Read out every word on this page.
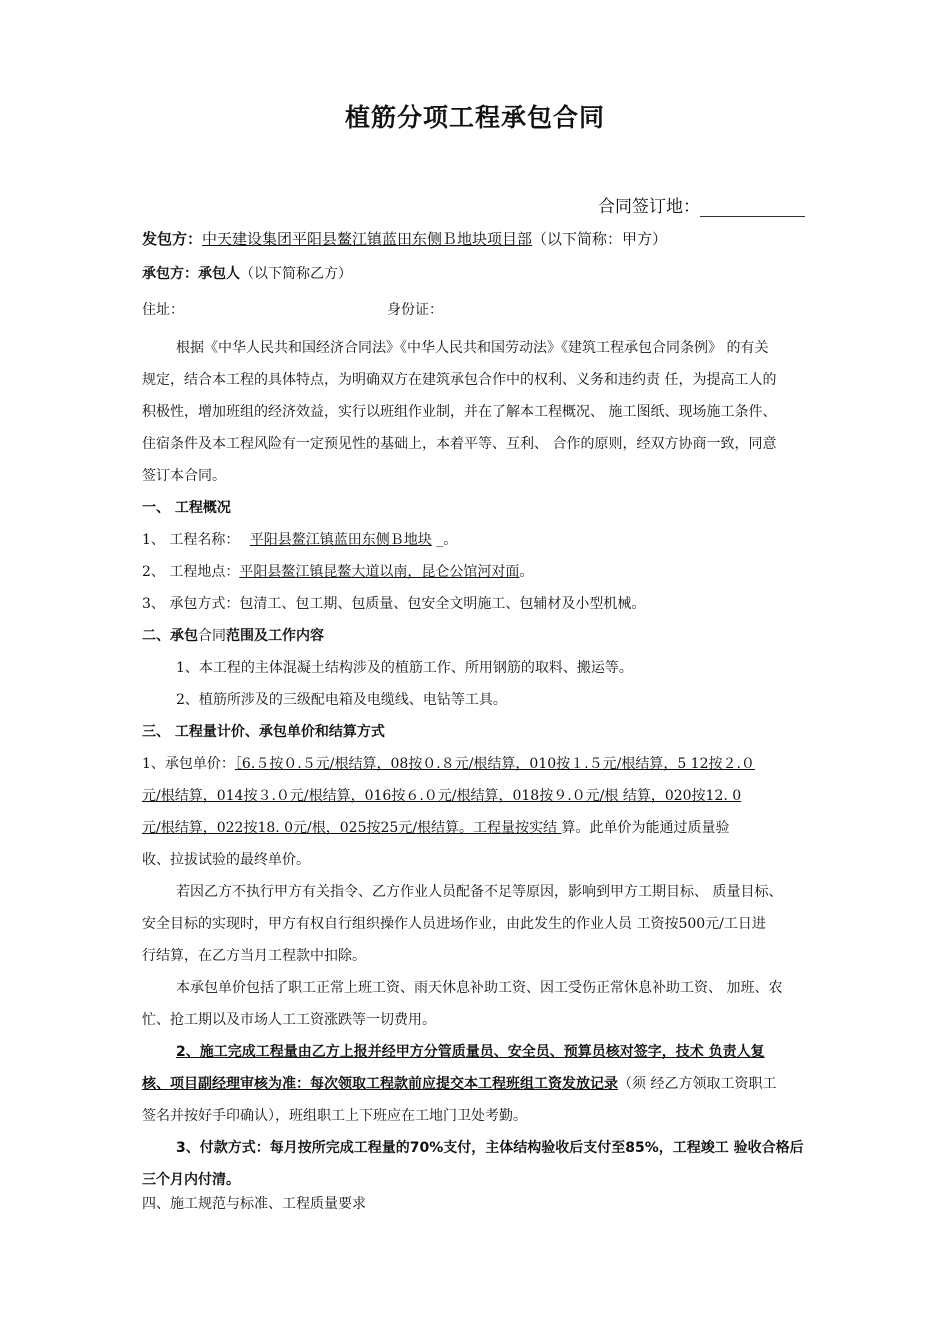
植筋分项工程承包合同
合同签订地：
发包方：中天建设集团平阳县鳌江镇蓝田东侧Ｂ地块项目部（以下简称：甲方）
承包方：承包人（以下简称乙方）
住址：	身份证：
根据《中华人民共和国经济合同法》《中华人民共和国劳动法》《建筑工程承包合同条例》 的有关
规定，结合本工程的具体特点，为明确双方在建筑承包合作中的权利、义务和违约责 任，为提高工人的
积极性，增加班组的经济效益，实行以班组作业制，并在了解本工程概况、 施工图纸、现场施工条件、
住宿条件及本工程风险有一定预见性的基础上，本着平等、互利、 合作的原则，经双方协商一致，同意
签订本合同。
一、 工程概况
1、 工程名称： 平阳县鳌江镇蓝田东侧Ｂ地块 _。
2、 工程地点：平阳县鳌江镇昆鳌大道以南，昆仑公馆河对面。
3、 承包方式：包清工、包工期、包质量、包安全文明施工、包辅材及小型机械。
二、承包合同范围及工作内容
1、本工程的主体混凝土结构涉及的植筋工作、所用钢筋的取料、搬运等。
2、植筋所涉及的三级配电箱及电缆线、电钻等工具。
三、 工程量计价、承包单价和结算方式
1、承包单价：［6.５按０.５元/根结算，08按０.８元/根结算，010按１.５元/根结算，5 12按２.０
元/根结算，014按３.０元/根结算，016按６.０元/根结算，018按９.０元/根 结算，020按12. 0
元/根结算，022按18. 0元/根，025按25元/根结算。工程量按实结 算。此单价为能通过质量验
收、拉拔试验的最终单价。
若因乙方不执行甲方有关指令、乙方作业人员配备不足等原因，影响到甲方工期目标、 质量目标、
安全目标的实现时，甲方有权自行组织操作人员进场作业，由此发生的作业人员 工资按500元/工日进
行结算，在乙方当月工程款中扣除。
本承包单价包括了职工正常上班工资、雨天休息补助工资、因工受伤正常休息补助工资、 加班、农
忙、抢工期以及市场人工工资涨跌等一切费用。
2、施工完成工程量由乙方上报并经甲方分管质量员、安全员、预算员核对签字，技术 负责人复
核、项目副经理审核为准：每次领取工程款前应提交本工程班组工资发放记录（须 经乙方领取工资职工
签名并按好手印确认），班组职工上下班应在工地门卫处考勤。
3、付款方式：每月按所完成工程量的70%支付，主体结构验收后支付至85%，工程竣工 验收合格后
三个月内付清。
四、施工规范与标准、工程质量要求
